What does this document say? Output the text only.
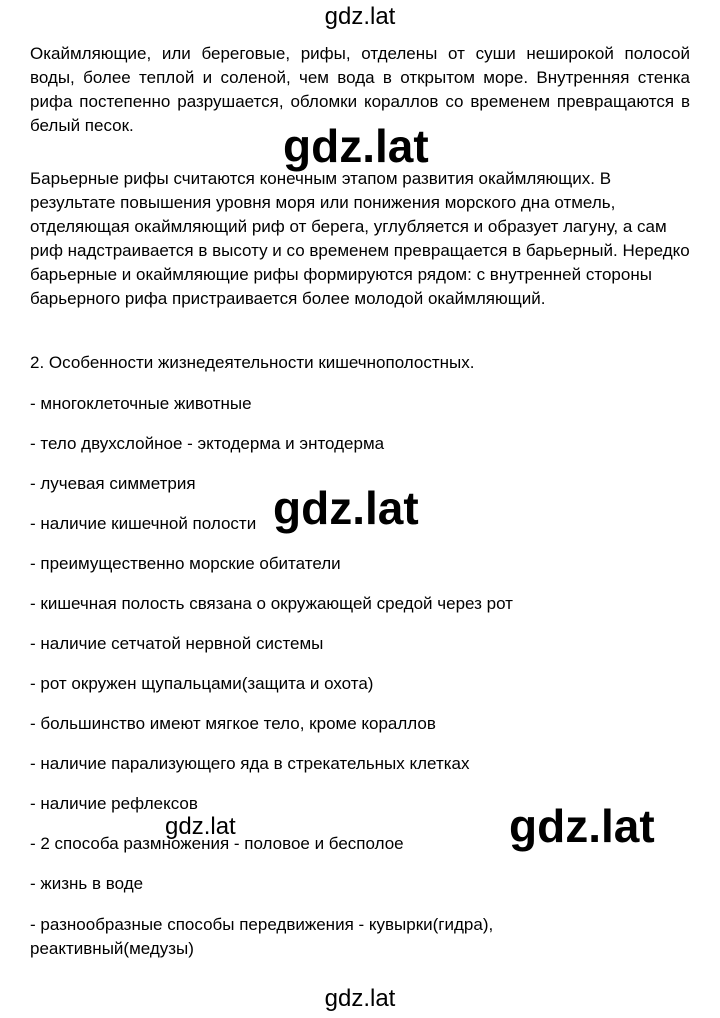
gdz.lat

Окаймляющие, или береговые, рифы, отделены от суши неширокой полосой воды, более теплой и соленой, чем вода в открытом море. Внутренняя стенка рифа постепенно разрушается, обломки кораллов со временем превращаются в белый песок.

Барьерные рифы считаются конечным этапом развития окаймляющих. В результате повышения уровня моря или понижения морского дна отмель, отделяющая окаймляющий риф от берега, углубляется и образует лагуну, а сам риф надстраивается в высоту и со временем превращается в барьерный. Нередко барьерные и окаймляющие рифы формируются рядом: с внутренней стороны барьерного рифа пристраивается более молодой окаймляющий.

2. Особенности жизнедеятельности кишечнополостных.

- многоклеточные животные

- тело двухслойное - эктодерма и энтодерма

- лучевая симметрия

- наличие кишечной полости

- преимущественно морские обитатели

- кишечная полость связана о окружающей средой через рот

- наличие сетчатой нервной системы

- рот окружен щупальцами(защита и охота)

- большинство имеют мягкое тело, кроме кораллов

- наличие парализующего яда в стрекательных клетках

- наличие рефлексов

- 2 способа размножения - половое и бесполое

- жизнь в воде

- разнообразные способы передвижения - кувырки(гидра), реактивный(медузы)

gdz.lat
gdz.lat
gdz.lat
gdz.lat
gdz.lat
